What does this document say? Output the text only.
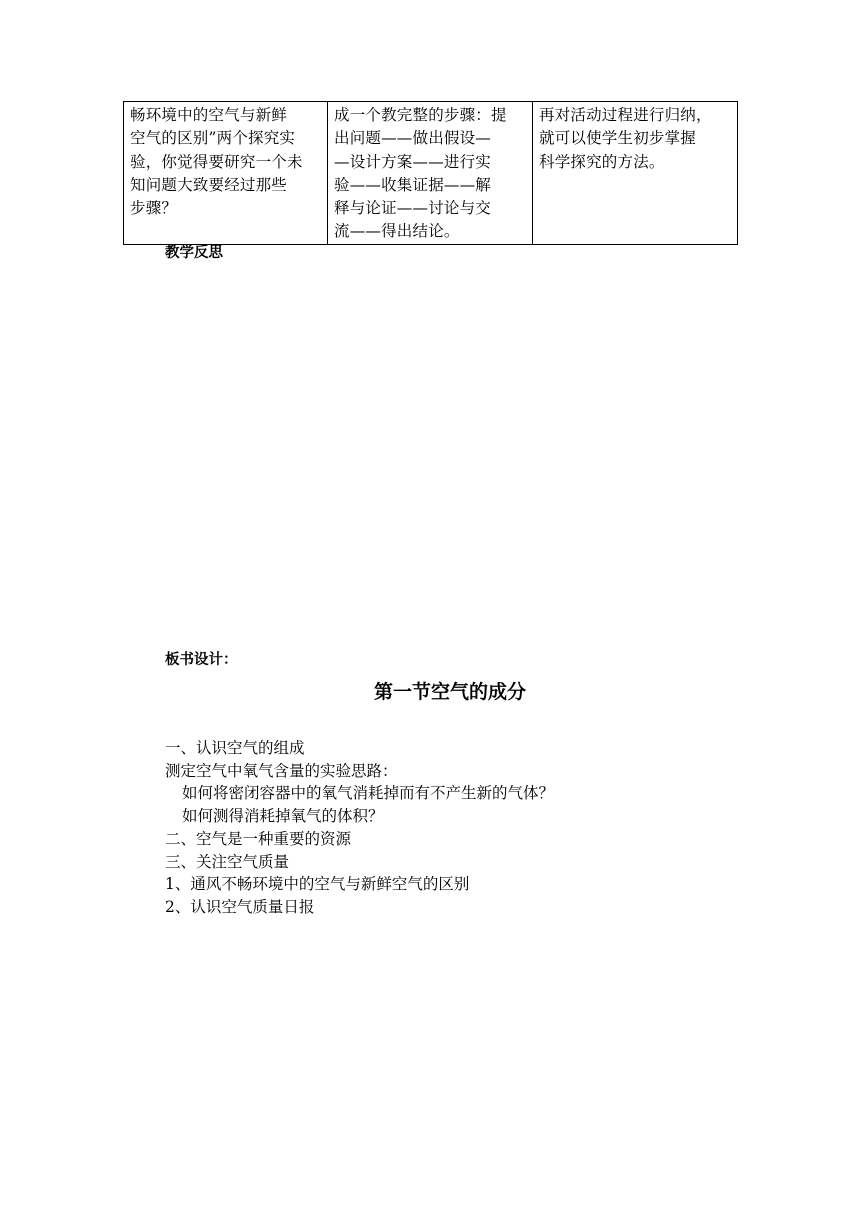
畅环境中的空气与新鲜
空气的区别”两个探究实
验，你觉得要研究一个未
知问题大致要经过那些
步骤？

成一个教完整的步骤：提
出问题——做出假设—
—设计方案——进行实
验——收集证据——解
释与论证——讨论与交
流——得出结论。

再对活动过程进行归纳，
就可以使学生初步掌握
科学探究的方法。
教学反思
板书设计：
第一节空气的成分
一、认识空气的组成
测定空气中氧气含量的实验思路：
如何将密闭容器中的氧气消耗掉而有不产生新的气体？
如何测得消耗掉氧气的体积？
二、空气是一种重要的资源
三、关注空气质量
1、通风不畅环境中的空气与新鲜空气的区别
2、认识空气质量日报
